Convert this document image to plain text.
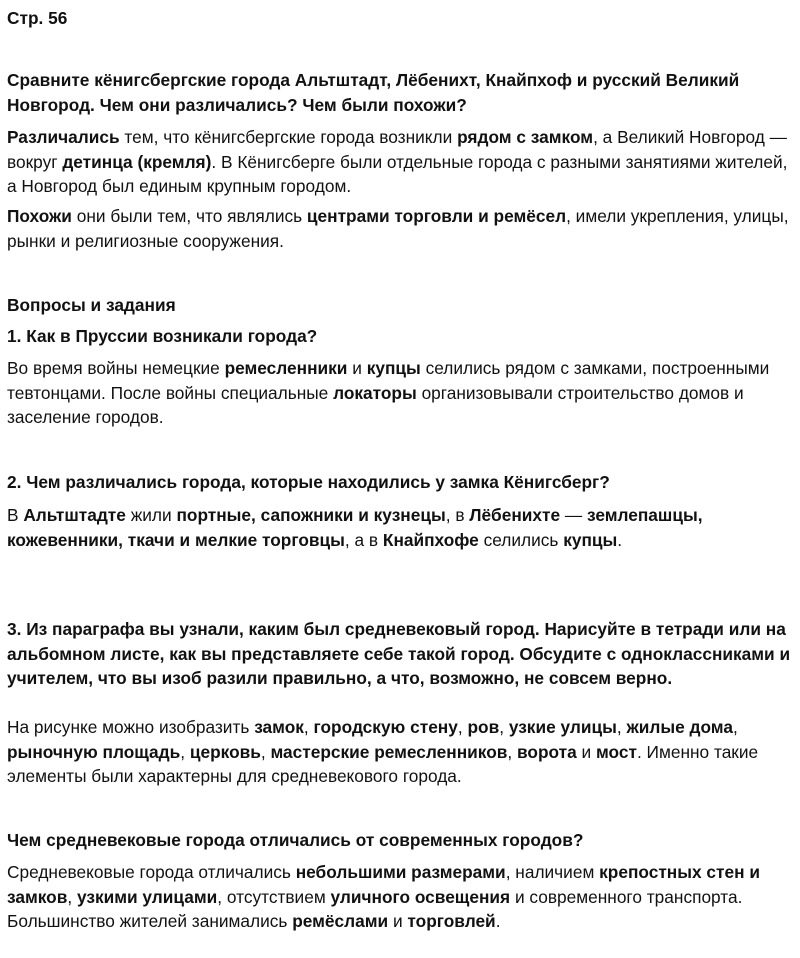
Стр. 56
Сравните кёнигсбергские города Альтштадт, Лёбенихт, Кнайпхоф и русский Великий Новгород. Чем они различались? Чем были похожи?
Различались тем, что кёнигсбергские города возникли рядом с замком, а Великий Новгород — вокруг детинца (кремля). В Кёнигсберге были отдельные города с разными занятиями жителей, а Новгород был единым крупным городом.
Похожи они были тем, что являлись центрами торговли и ремёсел, имели укрепления, улицы, рынки и религиозные сооружения.
Вопросы и задания
1. Как в Пруссии возникали города?
Во время войны немецкие ремесленники и купцы селились рядом с замками, построенными тевтонцами. После войны специальные локаторы организовывали строительство домов и заселение городов.
2. Чем различались города, которые находились у замка Кёнигсберг?
В Альтштадте жили портные, сапожники и кузнецы, в Лёбенихте — землепашцы, кожевенники, ткачи и мелкие торговцы, а в Кнайпхофе селились купцы.
3. Из параграфа вы узнали, каким был средневековый город. Нарисуйте в тетради или на альбомном листе, как вы представляете себе такой город. Обсудите с одноклассниками и учителем, что вы изоб разили правильно, а что, возможно, не совсем верно.
На рисунке можно изобразить замок, городскую стену, ров, узкие улицы, жилые дома, рыночную площадь, церковь, мастерские ремесленников, ворота и мост. Именно такие элементы были характерны для средневекового города.
Чем средневековые города отличались от современных городов?
Средневековые города отличались небольшими размерами, наличием крепостных стен и замков, узкими улицами, отсутствием уличного освещения и современного транспорта. Большинство жителей занимались ремёслами и торговлей.
